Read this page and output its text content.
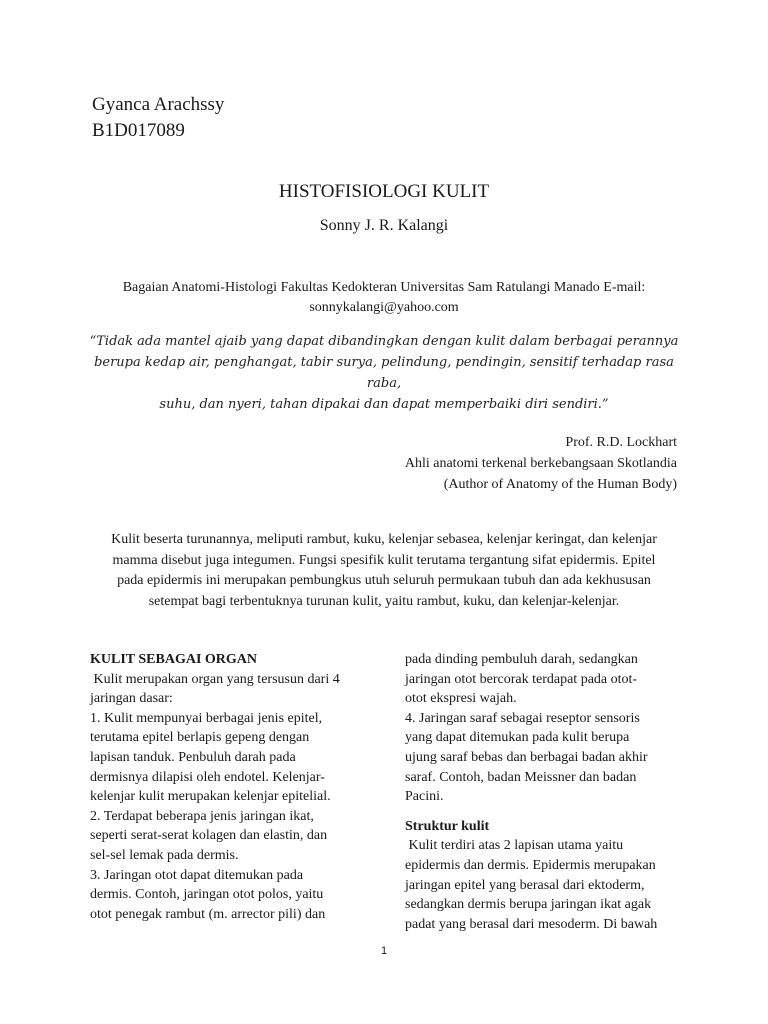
Gyanca Arachssy
B1D017089
HISTOFISIOLOGI KULIT
Sonny J. R. Kalangi
Bagaian Anatomi-Histologi Fakultas Kedokteran Universitas Sam Ratulangi Manado E-mail:
sonnykalangi@yahoo.com
“Tidak ada mantel ajaib yang dapat dibandingkan dengan kulit dalam berbagai perannya
berupa kedap air, penghangat, tabir surya, pelindung, pendingin, sensitif terhadap rasa raba,
suhu, dan nyeri, tahan dipakai dan dapat memperbaiki diri sendiri.”
Prof. R.D. Lockhart
Ahli anatomi terkenal berkebangsaan Skotlandia
(Author of Anatomy of the Human Body)
Kulit beserta turunannya, meliputi rambut, kuku, kelenjar sebasea, kelenjar keringat, dan kelenjar
mamma disebut juga integumen. Fungsi spesifik kulit terutama tergantung sifat epidermis. Epitel
pada epidermis ini merupakan pembungkus utuh seluruh permukaan tubuh dan ada kekhususan
setempat bagi terbentuknya turunan kulit, yaitu rambut, kuku, dan kelenjar-kelenjar.

KULIT SEBAGAI ORGAN

Kulit merupakan organ yang tersusun dari 4
jaringan dasar:
1. Kulit mempunyai berbagai jenis epitel,
terutama epitel berlapis gepeng dengan
lapisan tanduk. Penbuluh darah pada
dermisnya dilapisi oleh endotel. Kelenjar-
kelenjar kulit merupakan kelenjar epitelial.
2. Terdapat beberapa jenis jaringan ikat,
seperti serat-serat kolagen dan elastin, dan
sel-sel lemak pada dermis.
3. Jaringan otot dapat ditemukan pada
dermis. Contoh, jaringan otot polos, yaitu
otot penegak rambut (m. arrector pili) dan
pada dinding pembuluh darah, sedangkan
jaringan otot bercorak terdapat pada otot-
otot ekspresi wajah.
4. Jaringan saraf sebagai reseptor sensoris
yang dapat ditemukan pada kulit berupa
ujung saraf bebas dan berbagai badan akhir
saraf. Contoh, badan Meissner dan badan
Pacini.

Struktur kulit

Kulit terdiri atas 2 lapisan utama yaitu
epidermis dan dermis. Epidermis merupakan
jaringan epitel yang berasal dari ektoderm,
sedangkan dermis berupa jaringan ikat agak
padat yang berasal dari mesoderm. Di bawah
1
